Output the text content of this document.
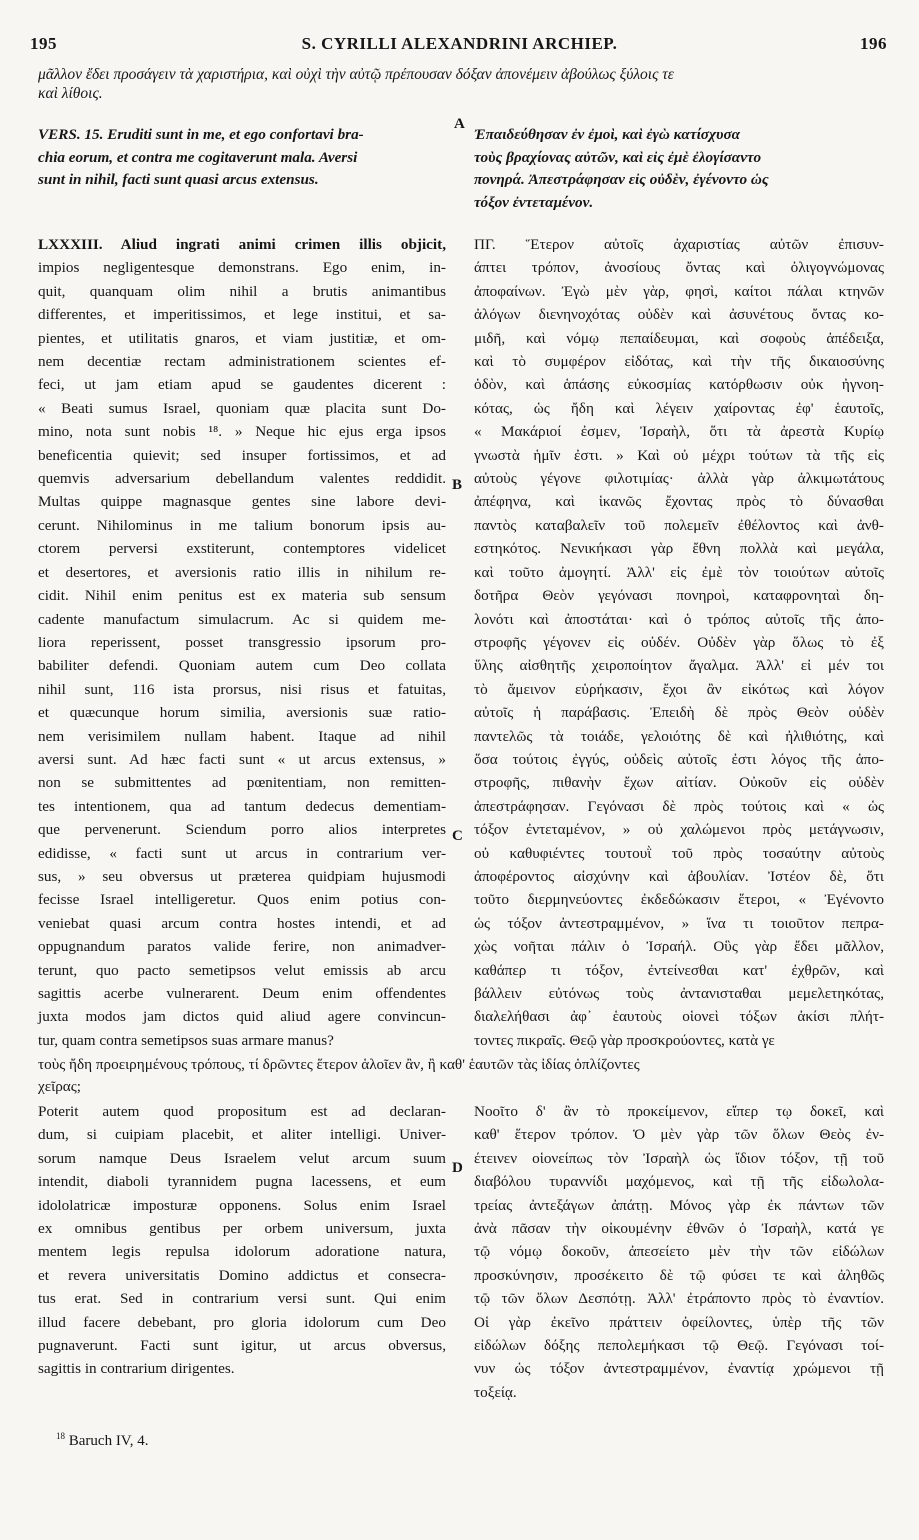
195	S. CYRILLI ALEXANDRINI ARCHIEP.	196
μᾶλλον ἔδει προσάγειν τὰ χαριστήρια, καὶ οὐχὶ τὴν αὐτῷ πρέπουσαν δόξαν ἀπονέμειν ἀβούλως ξύλοις τε
καὶ λίθοις.
A
VERS. 15. Eruditi sunt in me, et ego confortavi bra-
chia eorum, et contra me cogitaverunt mala. Aversi
sunt in nihil, facti sunt quasi arcus extensus.
Ἐπαιδεύθησαν ἐν ἐμοὶ, καὶ ἐγὼ κατίσχυσα
τοὺς βραχίονας αὐτῶν, καὶ εἰς ἐμὲ ἐλογίσαντο
πονηρά. Ἀπεστράφησαν εἰς οὐδὲν, ἐγένοντο ὡς
τόξον ἐντεταμένον.
LXXXIII. Aliud ingrati animi crimen illis objicit,
impios negligentesque demonstrans. Ego enim, in-
quit, quanquam olim nihil a brutis animantibus
differentes, et imperitissimos, et lege institui, et sa-
pientes, et utilitatis gnaros, et viam justitiæ, et om-
nem decentiæ rectam administrationem scientes ef-
feci, ut jam etiam apud se gaudentes dicerent :
« Beati sumus Israel, quoniam quæ placita sunt Do-
mino, nota sunt nobis ¹⁸. » Neque hic ejus erga ipsos
beneficentia quievit; sed insuper fortissimos, et ad
quemvis adversarium debellandum valentes reddidit.
Multas quippe magnasque gentes sine labore devi-
cerunt. Nihilominus in me talium bonorum ipsis au-
ctorem perversi exstiterunt, contemptores videlicet
et desertores, et aversionis ratio illis in nihilum re-
cidit. Nihil enim penitus est ex materia sub sensum
cadente manufactum simulacrum. Ac si quidem me-
liora reperissent, posset transgressio ipsorum pro-
babiliter defendi. Quoniam autem cum Deo collata
nihil sunt, 116 ista prorsus, nisi risus et fatuitas,
et quæcunque horum similia, aversionis suæ ratio-
nem verisimilem nullam habent. Itaque ad nihil
aversi sunt. Ad hæc facti sunt « ut arcus extensus, »
non se submittentes ad pœnitentiam, non remitten-
tes intentionem, qua ad tantum dedecus dementiam-
que pervenerunt. Sciendum porro alios interpretes
edidisse, « facti sunt ut arcus in contrarium ver-
sus, » seu obversus ut præterea quidpiam hujusmodi
fecisse Israel intelligeretur. Quos enim potius con-
veniebat quasi arcum contra hostes intendi, et ad
oppugnandum paratos valide ferire, non animadver-
terunt, quo pacto semetipsos velut emissis ab arcu
sagittis acerbe vulnerarent. Deum enim offendentes
juxta modos jam dictos quid aliud agere convincun-
tur, quam contra semetipsos suas armare manus?
ΠΓ. Ἕτερον αὐτοῖς ἀχαριστίας αὐτῶν ἐπισυν-
άπτει τρόπον, ἀνοσίους ὄντας καὶ ὀλιγογνώμονας
ἀποφαίνων. Ἐγὼ μὲν γὰρ, φησὶ, καίτοι πάλαι κτηνῶν
ἀλόγων διενηνοχότας οὐδὲν καὶ ἀσυνέτους ὄντας κο-
μιδῆ, καὶ νόμῳ πεπαίδευμαι, καὶ σοφοὺς ἀπέδειξα,
καὶ τὸ συμφέρον εἰδότας, καὶ τὴν τῆς δικαιοσύνης
ὁδὸν, καὶ ἁπάσης εὐκοσμίας κατόρθωσιν οὐκ ἠγνοη-
κότας, ὡς ἤδη καὶ λέγειν χαίροντας ἐφ' ἑαυτοῖς,
« Μακάριοί ἐσμεν, Ἰσραὴλ, ὅτι τὰ ἀρεστὰ Κυρίῳ
γνωστὰ ἡμῖν ἐστι. » Καὶ οὐ μέχρι τούτων τὰ τῆς εἰς
αὐτοὺς γέγονε φιλοτιμίας· ἀλλὰ γὰρ ἀλκιμωτάτους
ἀπέφηνα, καὶ ἱκανῶς ἔχοντας πρὸς τὸ δύνασθαι
παντὸς καταβαλεῖν τοῦ πολεμεῖν ἐθέλοντος καὶ ἀνθ-
εστηκότος. Νενικήκασι γὰρ ἔθνη πολλὰ καὶ μεγάλα,
καὶ τοῦτο ἀμογητί. Ἀλλ' εἰς ἐμὲ τὸν τοιούτων αὐτοῖς
δοτῆρα Θεὸν γεγόνασι πονηροὶ, καταφρονηταὶ δη-
λονότι καὶ ἀποστάται· καὶ ὁ τρόπος αὐτοῖς τῆς ἀπο-
στροφῆς γέγονεν εἰς οὐδέν. Οὐδὲν γὰρ ὅλως τὸ ἐξ
ὕλης αἰσθητῆς χειροποίητον ἄγαλμα. Ἀλλ' εἰ μέν τοι
τὸ ἄμεινον εὑρήκασιν, ἔχοι ἂν εἰκότως καὶ λόγον
αὐτοῖς ἡ παράβασις. Ἐπειδὴ δὲ πρὸς Θεὸν οὐδὲν
παντελῶς τὰ τοιάδε, γελοιότης δὲ καὶ ἠλιθιότης, καὶ
ὅσα τούτοις ἐγγύς, οὐδεὶς αὐτοῖς ἐστι λόγος τῆς ἀπο-
στροφῆς, πιθανὴν ἔχων αἰτίαν. Οὐκοῦν εἰς οὐδὲν
ἀπεστράφησαν. Γεγόνασι δὲ πρὸς τούτοις καὶ « ὡς
τόξον ἐντεταμένον, » οὐ χαλώμενοι πρὸς μετάγνωσιν,
οὐ καθυφιέντες τουτουῒ τοῦ πρὸς τοσαύτην αὐτοὺς
ἀποφέροντος αἰσχύνην καὶ ἀβουλίαν. Ἰστέον δὲ, ὅτι
τοῦτο διερμηνεύοντες ἐκδεδώκασιν ἕτεροι, « Ἐγένοντο
ὡς τόξον ἀντεστραμμένον, » ἵνα τι τοιοῦτον πεπρα-
χὼς νοῆται πάλιν ὁ Ἰσραήλ. Οὓς γὰρ ἔδει μᾶλλον,
καθάπερ τι τόξον, ἐντείνεσθαι κατ' ἐχθρῶν, καὶ
βάλλειν εὐτόνως τοὺς ἀντανισταθαι μεμελετηκότας,
διαλελήθασι ἀφ᾽ ἑαυτοὺς οἱονεὶ τόξων ἀκίσι πλήτ-
τοντες πικραῖς. Θεῷ γὰρ προσκρούοντες, κατὰ γε
B
C
τοὺς ἤδη προειρημένους τρόπους, τί δρῶντες ἕτερον ἁλοῖεν ἂν, ἢ καθ' ἑαυτῶν τὰς ἰδίας ὁπλίζοντες
χεῖρας;
D
Poterit autem quod propositum est ad declaran-
dum, si cuipiam placebit, et aliter intelligi. Univer-
sorum namque Deus Israelem velut arcum suum
intendit, diaboli tyrannidem pugna lacessens, et eum
idololatricæ imposturæ opponens. Solus enim Israel
ex omnibus gentibus per orbem universum, juxta
mentem legis repulsa idolorum adoratione natura,
et revera universitatis Domino addictus et consecra-
tus erat. Sed in contrarium versi sunt. Qui enim
illud facere debebant, pro gloria idolorum cum Deo
pugnaverunt. Facti sunt igitur, ut arcus obversus,
sagittis in contrarium dirigentes.
Νοοῖτο δ' ἂν τὸ προκείμενον, εἴπερ τῳ δοκεῖ, καὶ
καθ' ἕτερον τρόπον. Ὁ μὲν γὰρ τῶν ὅλων Θεὸς ἐν-
έτεινεν οἱονείπως τὸν Ἰσραὴλ ὡς ἴδιον τόξον, τῇ τοῦ
διαβόλου τυραννίδι μαχόμενος, καὶ τῇ τῆς εἰδωλολα-
τρείας ἀντεξάγων ἀπάτῃ. Μόνος γὰρ ἐκ πάντων τῶν
ἀνὰ πᾶσαν τὴν οἰκουμένην ἐθνῶν ὁ Ἰσραὴλ, κατά γε
τῷ νόμῳ δοκοῦν, ἀπεσείετο μὲν τὴν τῶν εἰδώλων
προσκύνησιν, προσέκειτο δὲ τῷ φύσει τε καὶ ἀληθῶς
τῷ τῶν ὅλων Δεσπότῃ. Ἀλλ' ἐτράποντο πρὸς τὸ ἐναντίον.
Οἱ γὰρ ἐκεῖνο πράττειν ὀφείλοντες, ὑπὲρ τῆς τῶν
εἰδώλων δόξης πεπολεμήκασι τῷ Θεῷ. Γεγόνασι τοί-
νυν ὡς τόξον ἀντεστραμμένον, ἐναντίᾳ χρώμενοι τῇ
τοξείᾳ.
$^{18}$ Baruch IV, 4.
